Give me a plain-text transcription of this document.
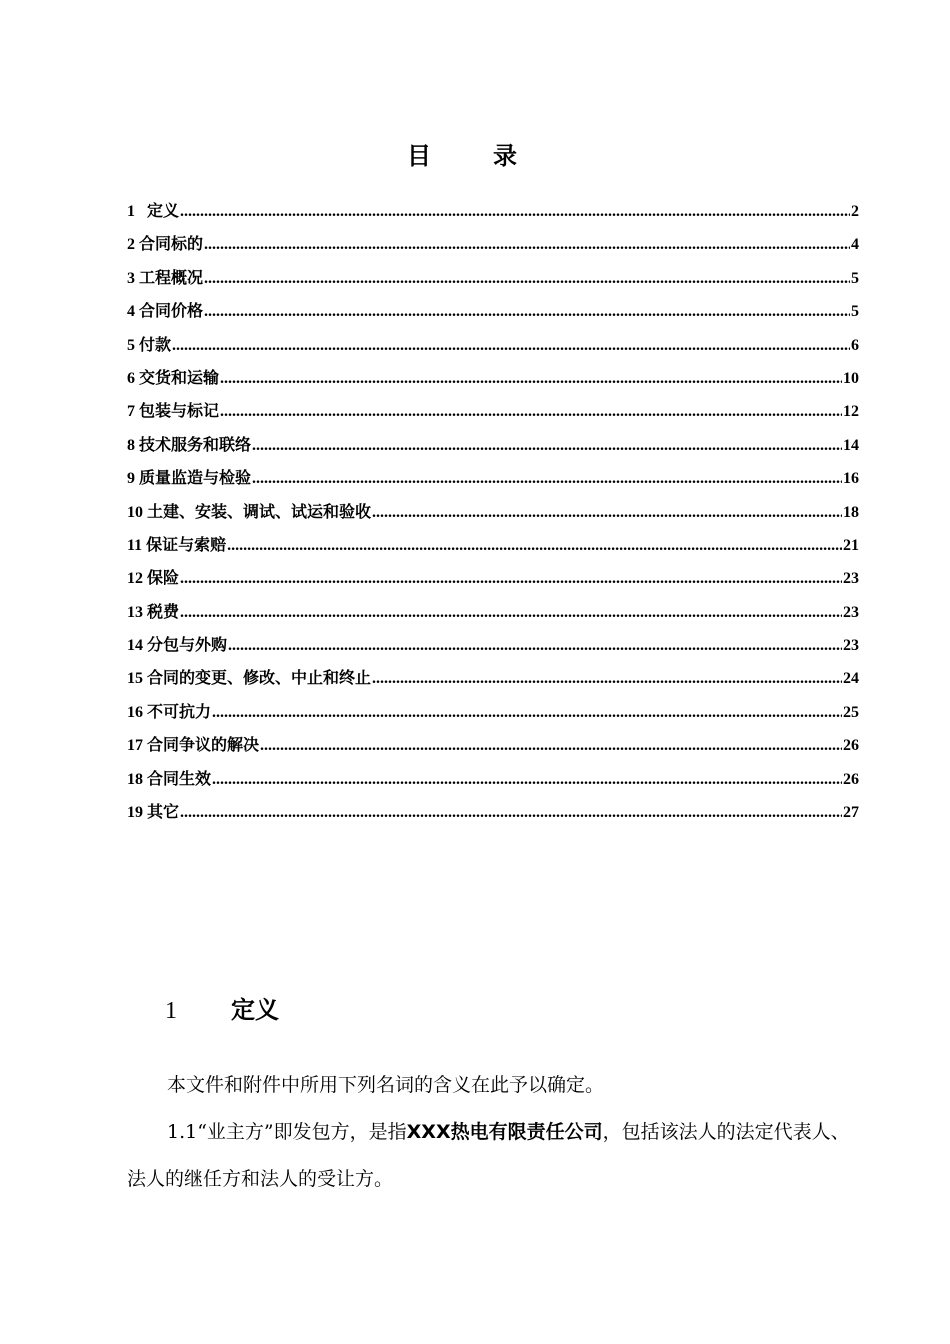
目录
1 定义 .....	2
2 合同标的 .....	4
3 工程概况 .....	5
4 合同价格 .....	5
5 付款 .....	6
6 交货和运输 .....	10
7 包装与标记 .....	12
8 技术服务和联络 .....	14
9 质量监造与检验 .....	16
10 土建、安装、调试、试运和验收 .....	18
11 保证与索赔 .....	21
12 保险 .....	23
13 税费 .....	23
14 分包与外购 .....	23
15 合同的变更、修改、中止和终止 .....	24
16 不可抗力 .....	25
17 合同争议的解决 .....	26
18 合同生效 .....	26
19 其它 .....	27
1 定义
本文件和附件中所用下列名词的含义在此予以确定。
1.1“业主方”即发包方，是指XXX热电有限责任公司，包括该法人的法定代表人、法人的继任方和法人的受让方。
